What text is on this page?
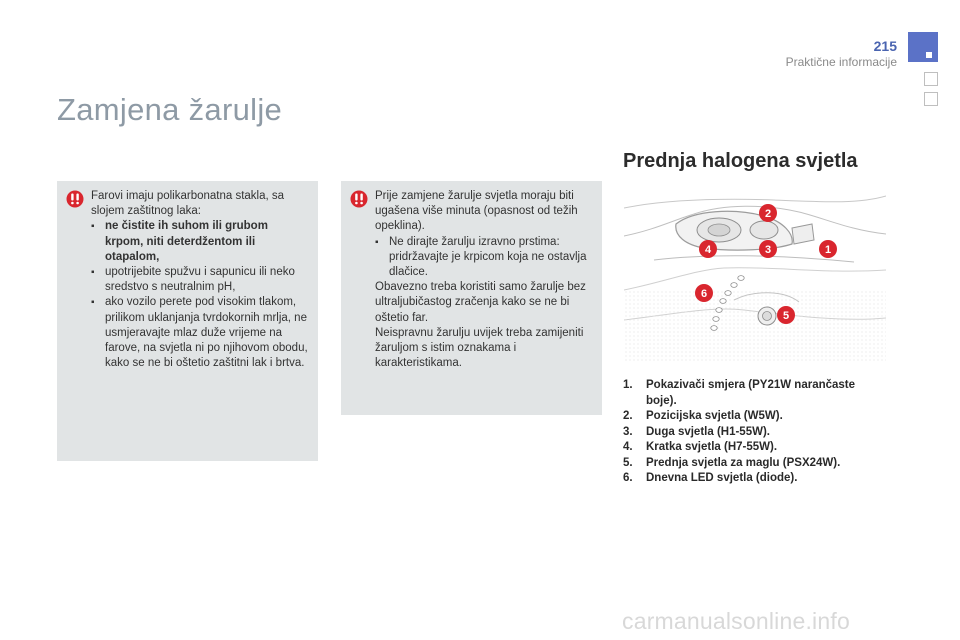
215
Praktične informacije
Zamjena žarulje
Farovi imaju polikarbonatna stakla, sa slojem zaštitnog laka:
▪ ne čistite ih suhom ili grubom krpom, niti deterdžentom ili otapalom,
▪ upotrijebite spužvu i sapunicu ili neko sredstvo s neutralnim pH,
▪ ako vozilo perete pod visokim tlakom, prilikom uklanjanja tvrdokornih mrlja, ne usmjeravajte mlaz duže vrijeme na farove, na svjetla ni po njihovom obodu, kako se ne bi oštetio zaštitni lak i brtva.
Prije zamjene žarulje svjetla moraju biti ugašena više minuta (opasnost od težih opeklina).
▪ Ne dirajte žarulju izravno prstima: pridržavajte je krpicom koja ne ostavlja dlačice.
Obavezno treba koristiti samo žarulje bez ultraljubičastog zračenja kako se ne bi oštetio far.
Neispravnu žarulju uvijek treba zamijeniti žaruljom s istim oznakama i karakteristikama.
Prednja halogena svjetla
2
4	3	1
6
5
1.	Pokazivači smjera (PY21W narančaste boje).
2.	Pozicijska svjetla (W5W).
3.	Duga svjetla (H1-55W).
4.	Kratka svjetla (H7-55W).
5.	Prednja svjetla za maglu (PSX24W).
6.	Dnevna LED svjetla (diode).
carmanualsonline.info
